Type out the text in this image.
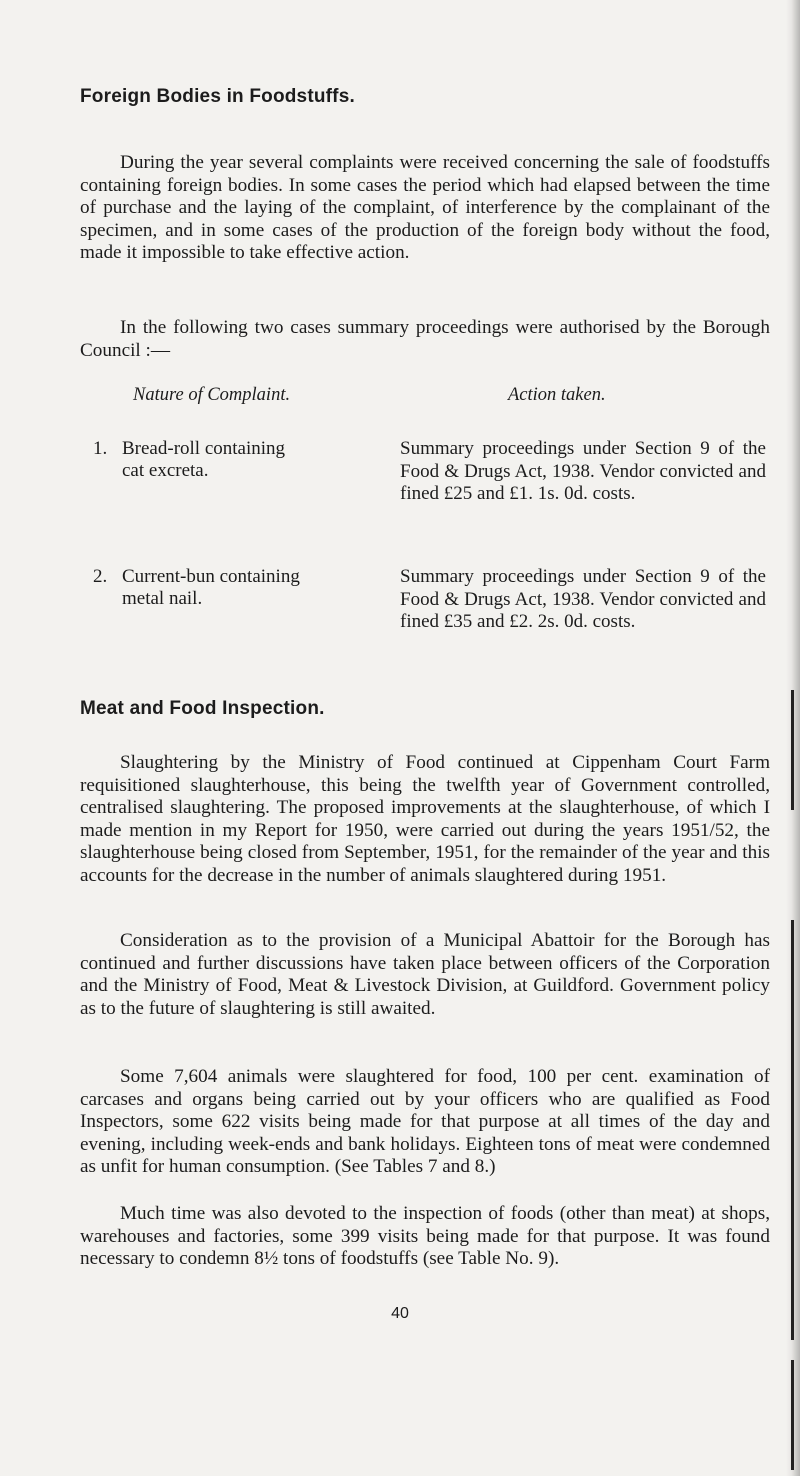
Foreign Bodies in Foodstuffs.
During the year several complaints were received concerning the sale of foodstuffs containing foreign bodies. In some cases the period which had elapsed between the time of purchase and the laying of the complaint, of interference by the complainant of the specimen, and in some cases of the production of the foreign body without the food, made it impossible to take effective action.
In the following two cases summary proceedings were authorised by the Borough Council :—
Nature of Complaint.	Action taken.
1. Bread-roll containing cat excreta.
Summary proceedings under Section 9 of the Food & Drugs Act, 1938. Vendor convicted and fined £25 and £1. 1s. 0d. costs.
2. Current-bun containing metal nail.
Summary proceedings under Section 9 of the Food & Drugs Act, 1938. Vendor convicted and fined £35 and £2. 2s. 0d. costs.
Meat and Food Inspection.
Slaughtering by the Ministry of Food continued at Cippenham Court Farm requisitioned slaughterhouse, this being the twelfth year of Government controlled, centralised slaughtering. The proposed improvements at the slaughterhouse, of which I made mention in my Report for 1950, were carried out during the years 1951/52, the slaughterhouse being closed from September, 1951, for the remainder of the year and this accounts for the decrease in the number of animals slaughtered during 1951.
Consideration as to the provision of a Municipal Abattoir for the Borough has continued and further discussions have taken place between officers of the Corporation and the Ministry of Food, Meat & Livestock Division, at Guildford. Government policy as to the future of slaughtering is still awaited.
Some 7,604 animals were slaughtered for food, 100 per cent. examination of carcases and organs being carried out by your officers who are qualified as Food Inspectors, some 622 visits being made for that purpose at all times of the day and evening, including week-ends and bank holidays. Eighteen tons of meat were condemned as unfit for human consumption. (See Tables 7 and 8.)
Much time was also devoted to the inspection of foods (other than meat) at shops, warehouses and factories, some 399 visits being made for that purpose. It was found necessary to condemn 8½ tons of foodstuffs (see Table No. 9).
40
